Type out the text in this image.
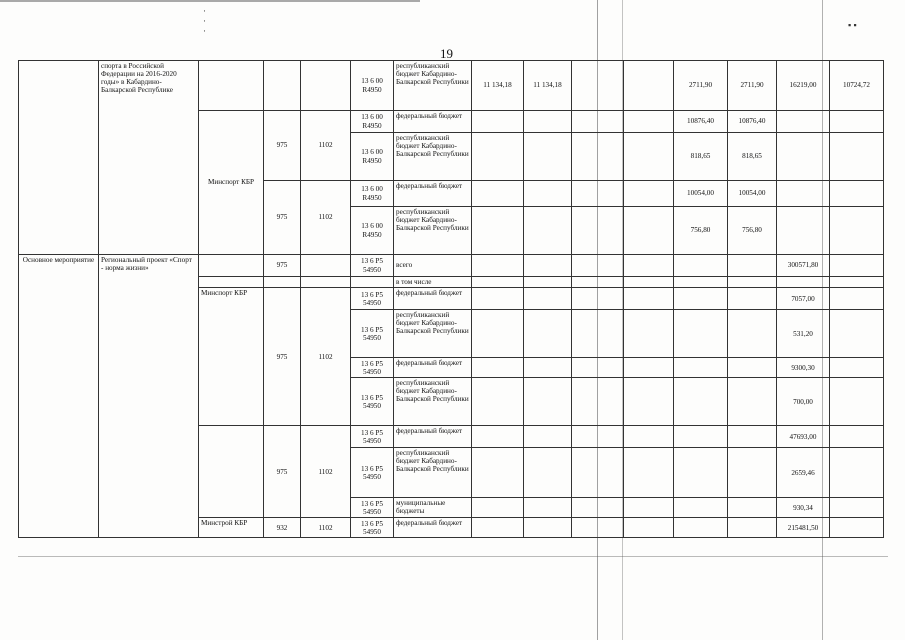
19
▪ ▪
·
·
·
	спорта в Российской Федерации на 2016-2020 годы» в Кабардино-Балкарской Республике				13 6 00 R4950	республиканский бюджет Кабардино-Балкарской Республики	11 134,18	11 134,18			2711,90	2711,90	16219,00	10724,72
		Минспорт КБР	975	1102	13 6 00 R4950	федеральный бюджет					10876,40	10876,40		
					13 6 00 R4950	республиканский бюджет Кабардино-Балкарской Республики					818,65	818,65		
			975	1102	13 6 00 R4950	федеральный бюджет					10054,00	10054,00		
					13 6 00 R4950	республиканский бюджет Кабардино-Балкарской Республики					756,80	756,80		
Основное мероприятие	Региональный проект «Спорт - норма жизни»		975		13 6 P5 54950	всего							300571,80	
						в том числе								
		Минспорт КБР	975	1102	13 6 P5 54950	федеральный бюджет							7057,00	
					13 6 P5 54950	республиканский бюджет Кабардино-Балкарской Республики							531,20	
					13 6 P5 54950	федеральный бюджет							9300,30	
					13 6 P5 54950	республиканский бюджет Кабардино-Балкарской Республики							700,00	
			975	1102	13 6 P5 54950	федеральный бюджет							47693,00	
					13 6 P5 54950	республиканский бюджет Кабардино-Балкарской Республики							2659,46	
					13 6 P5 54950	муниципальные бюджеты							930,34	
		Минстрой КБР	932	1102	13 6 P5 54950	федеральный бюджет							215481,50	
